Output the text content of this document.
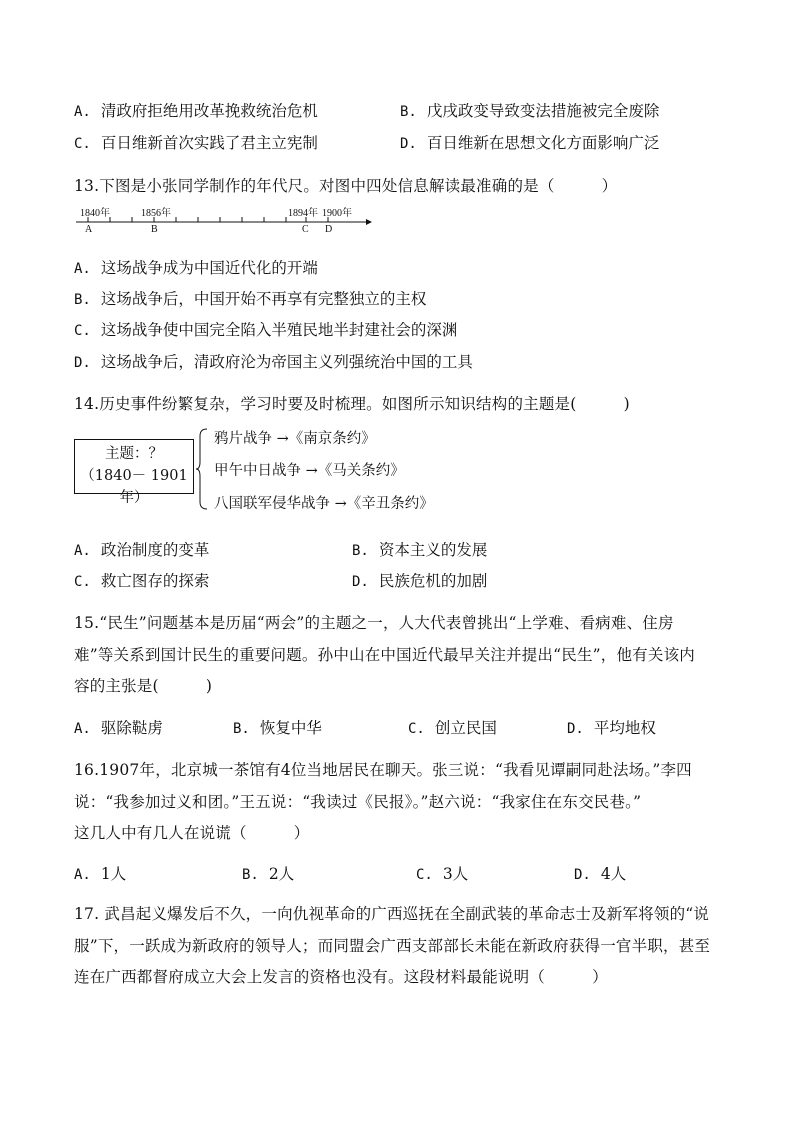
A. 清政府拒绝用改革挽救统治危机	B. 戊戌政变导致变法措施被完全废除
C. 百日维新首次实践了君主立宪制	D. 百日维新在思想文化方面影响广泛
13.下图是小张同学制作的年代尺。对图中四处信息解读最准确的是（　　　）
1840年	1856年	1894年 1900年
A	B	C D
A. 这场战争成为中国近代化的开端
B. 这场战争后，中国开始不再享有完整独立的主权
C. 这场战争使中国完全陷入半殖民地半封建社会的深渊
D. 这场战争后，清政府沦为帝国主义列强统治中国的工具
14.历史事件纷繁复杂，学习时要及时梳理。如图所示知识结构的主题是(　　　)
主题：？
（1840－ 1901年）
鸦片战争 →《南京条约》
甲午中日战争 →《马关条约》
八国联军侵华战争 →《辛丑条约》
A. 政治制度的变革	B. 资本主义的发展
C. 救亡图存的探索	D. 民族危机的加剧
15.“民生”问题基本是历届“两会”的主题之一，人大代表曾挑出“上学难、看病难、住房
难”等关系到国计民生的重要问题。孙中山在中国近代最早关注并提出“民生”，他有关该内
容的主张是(　　　)
A. 驱除鞑虏	B. 恢复中华	C. 创立民国	D. 平均地权
16.1907年，北京城一茶馆有4位当地居民在聊天。张三说：“我看见谭嗣同赴法场。”李四
说：“我参加过义和团。”王五说：“我读过《民报》。”赵六说：“我家住在东交民巷。”
这几人中有几人在说谎（　　　）
A. 1人	B. 2人	C. 3人	D. 4人
17. 武昌起义爆发后不久，一向仇视革命的广西巡抚在全副武装的革命志士及新军将领的“说
服”下，一跃成为新政府的领导人；而同盟会广西支部部长未能在新政府获得一官半职，甚至
连在广西都督府成立大会上发言的资格也没有。这段材料最能说明（　　　）
